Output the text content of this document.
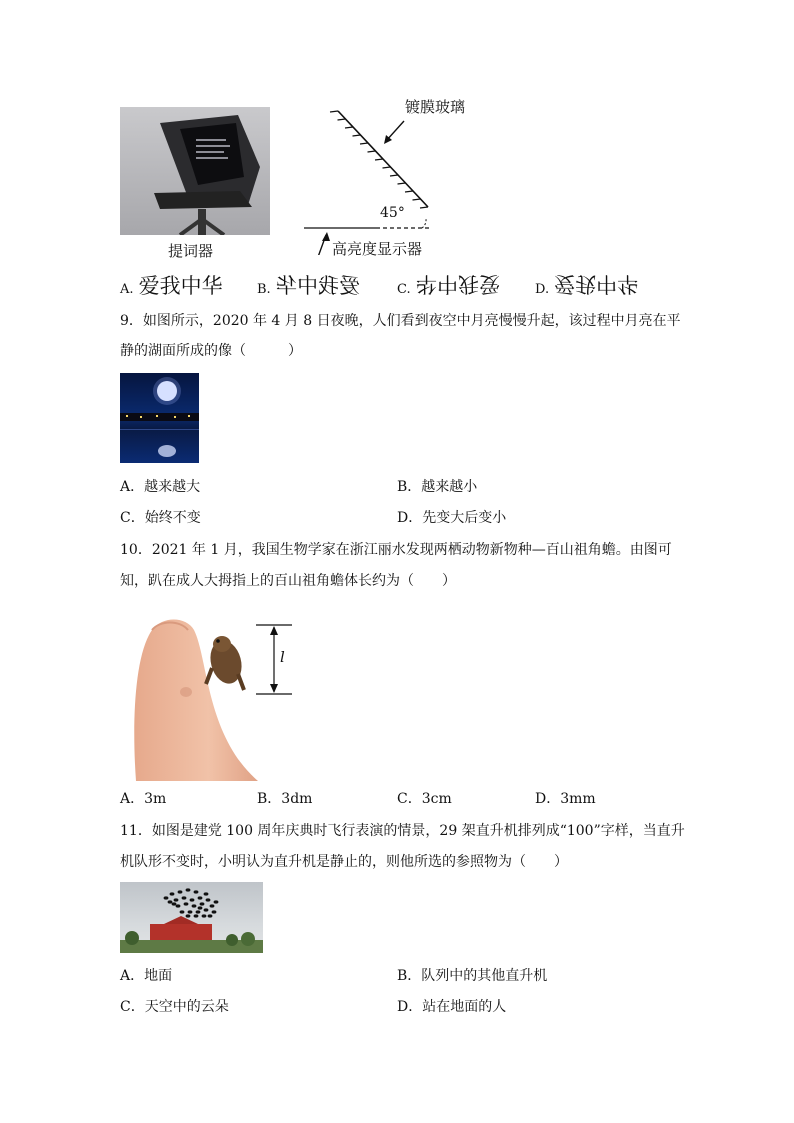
提词器
镀膜玻璃
45°
高亮度显示器
A. 爱我中华	B. 爱我中华	C. 爱我中华	D. 爱我中华
9．如图所示，2020 年 4 月 8 日夜晚，人们看到夜空中月亮慢慢升起，该过程中月亮在平
静的湖面所成的像（　　　）
A．越来越大	B．越来越小
C．始终不变	D．先变大后变小
10．2021 年 1 月，我国生物学家在浙江丽水发现两栖动物新物种—百山祖角蟾。由图可
知，趴在成人大拇指上的百山祖角蟾体长约为（　　）
l
A．3m	B．3dm	C．3cm	D．3mm
11．如图是建党 100 周年庆典时飞行表演的情景，29 架直升机排列成“100”字样，当直升
机队形不变时，小明认为直升机是静止的，则他所选的参照物为（　　）
A．地面	B．队列中的其他直升机
C．天空中的云朵	D．站在地面的人
